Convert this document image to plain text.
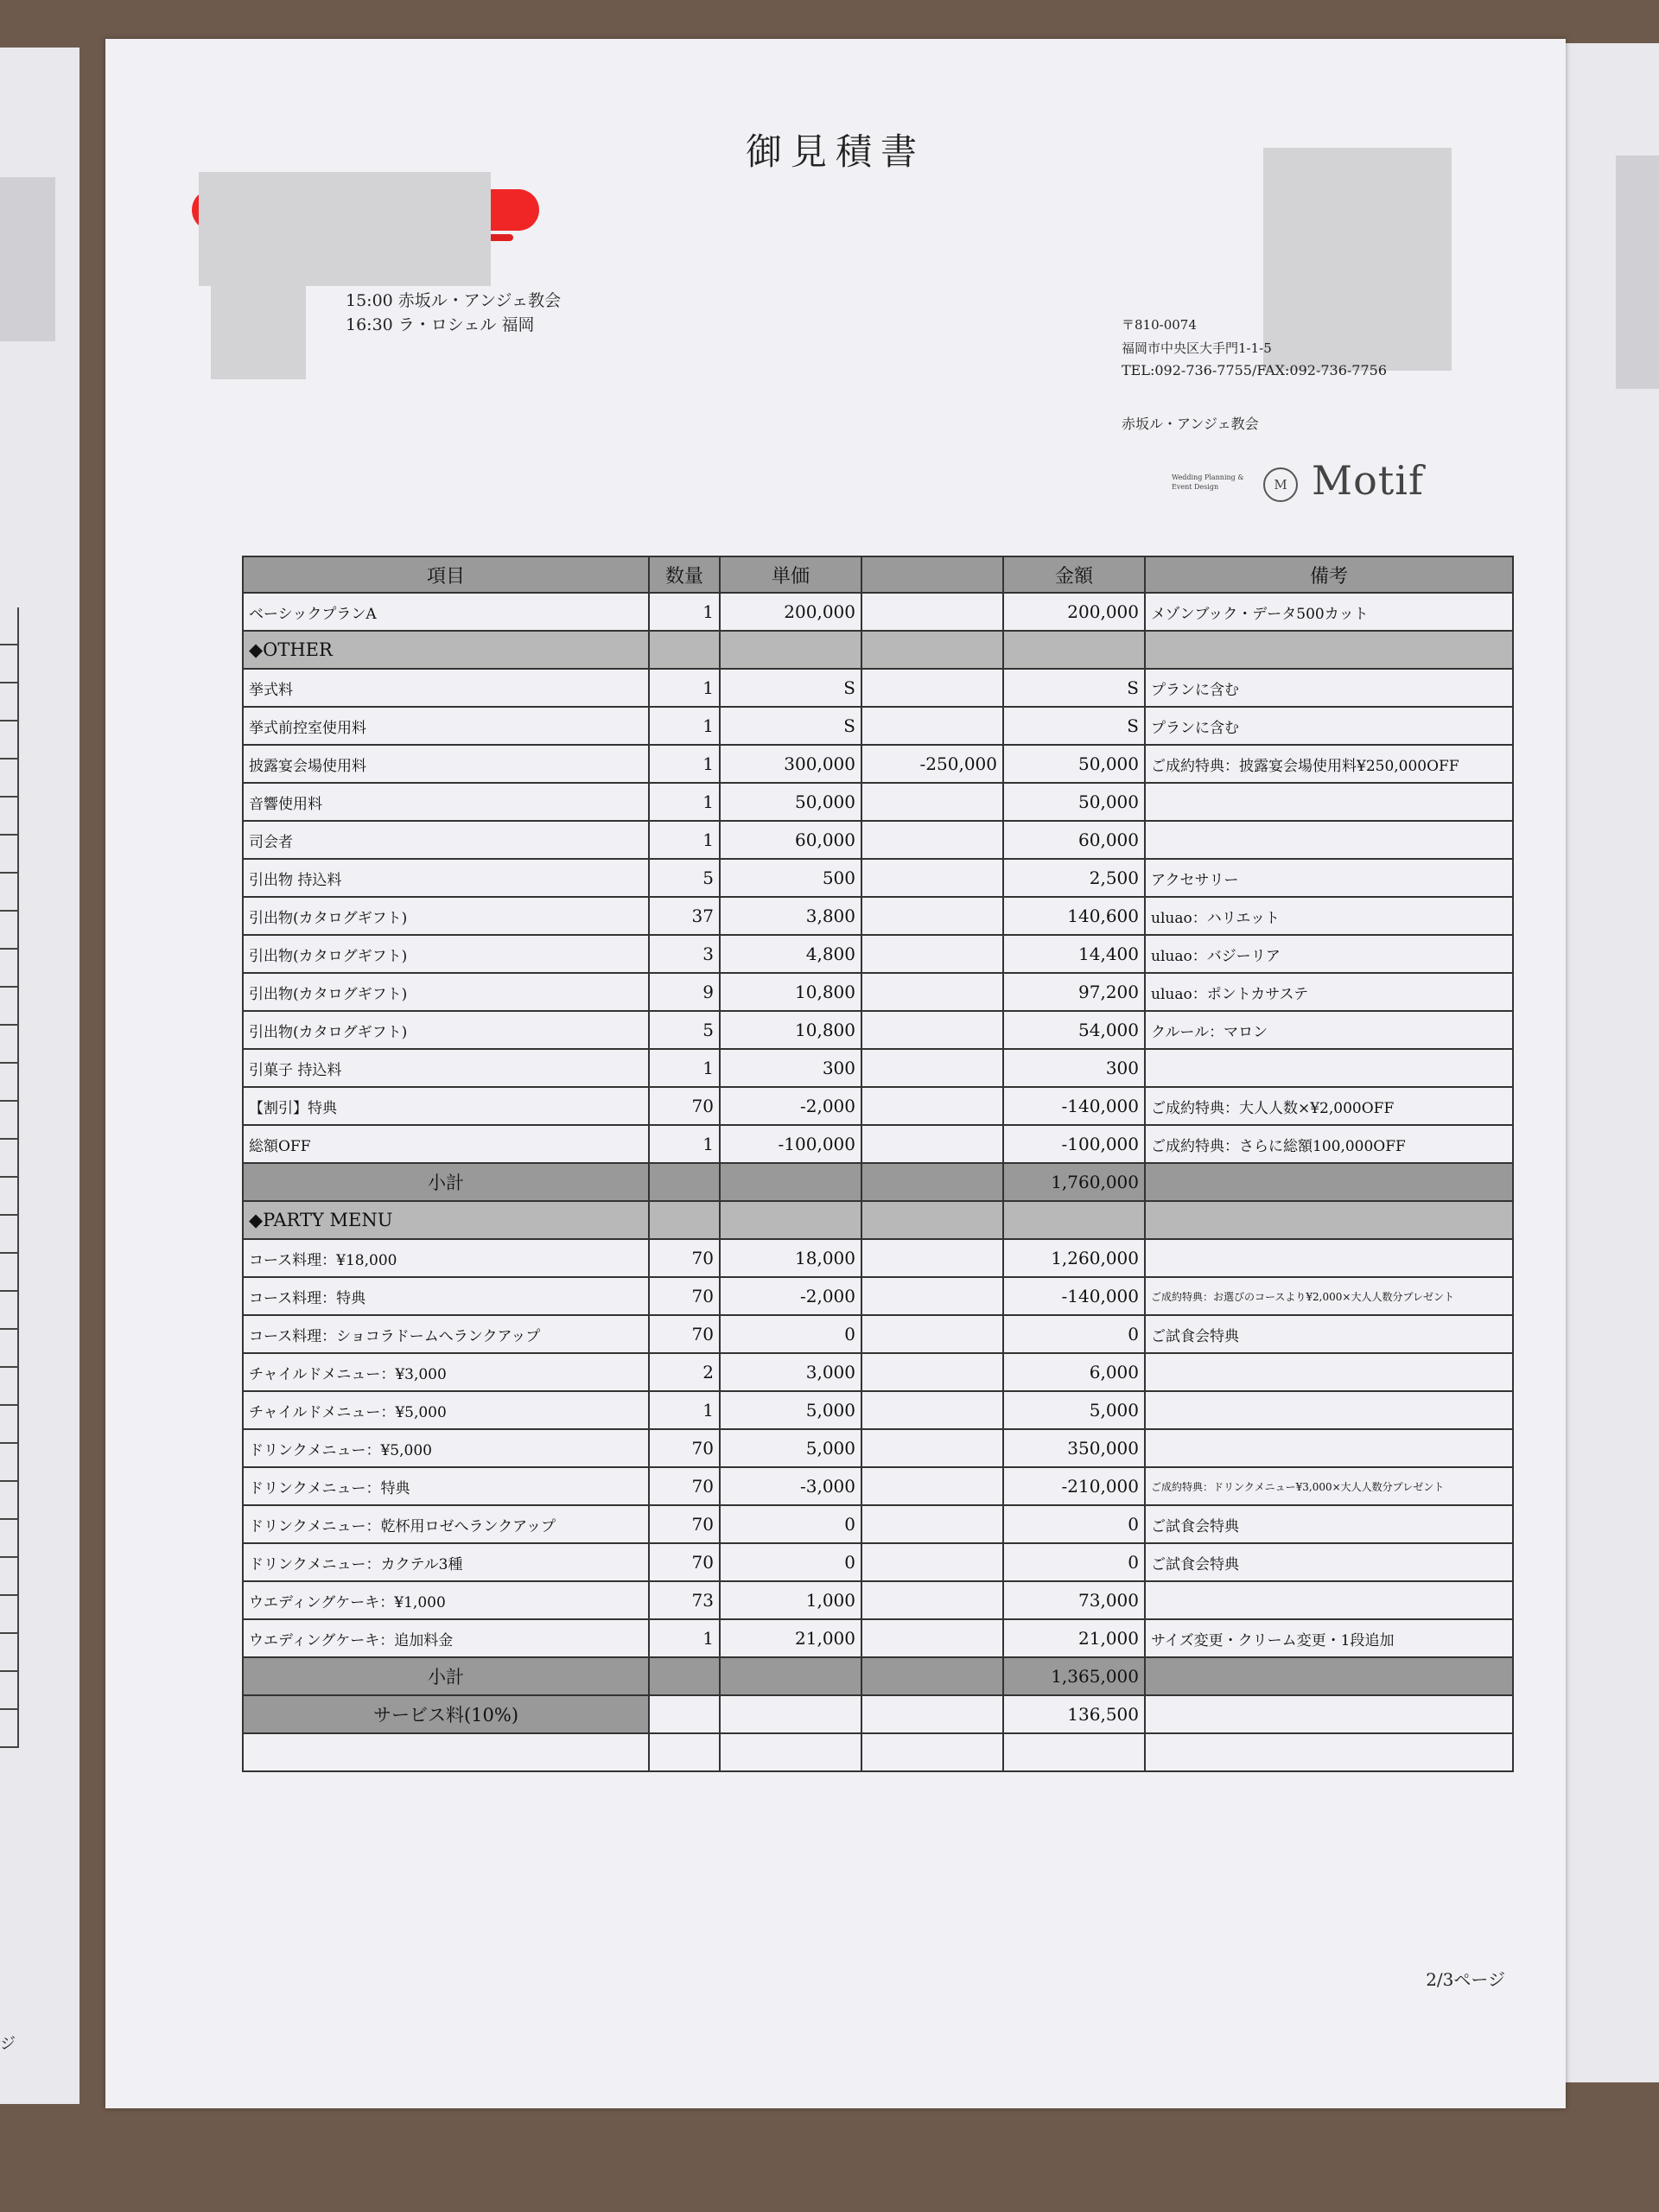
ジ
御見積書
15:00 赤坂ル・アンジェ教会
16:30 ラ・ロシェル 福岡	〒810-0074
福岡市中央区大手門1-1-5
TEL:092-736-7755/FAX:092-736-7756
赤坂ル・アンジェ教会
Wedding Planning & Event Design	M Motif
項目	数量	単価		金額	備考
ベーシックプランA	1	200,000		200,000	メゾンブック・データ500カット
◆OTHER					
挙式料	1	S		S	プランに含む
挙式前控室使用料	1	S		S	プランに含む
披露宴会場使用料	1	300,000	-250,000	50,000	ご成約特典：披露宴会場使用料¥250,000OFF
音響使用料	1	50,000		50,000	
司会者	1	60,000		60,000	
引出物 持込料	5	500		2,500	アクセサリー
引出物(カタログギフト)	37	3,800		140,600	uluao：ハリエット
引出物(カタログギフト)	3	4,800		14,400	uluao：バジーリア
引出物(カタログギフト)	9	10,800		97,200	uluao：ポントカサステ
引出物(カタログギフト)	5	10,800		54,000	クルール：マロン
引菓子 持込料	1	300		300	
【割引】特典	70	-2,000		-140,000	ご成約特典：大人人数×¥2,000OFF
総額OFF	1	-100,000		-100,000	ご成約特典：さらに総額100,000OFF
小計				1,760,000	
◆PARTY MENU					
コース料理：¥18,000	70	18,000		1,260,000	
コース料理：特典	70	-2,000		-140,000	ご成約特典：お選びのコースより¥2,000×大人人数分プレゼント
コース料理：ショコラドームへランクアップ	70	0		0	ご試食会特典
チャイルドメニュー：¥3,000	2	3,000		6,000	
チャイルドメニュー：¥5,000	1	5,000		5,000	
ドリンクメニュー：¥5,000	70	5,000		350,000	
ドリンクメニュー：特典	70	-3,000		-210,000	ご成約特典：ドリンクメニュー¥3,000×大人人数分プレゼント
ドリンクメニュー：乾杯用ロゼへランクアップ	70	0		0	ご試食会特典
ドリンクメニュー：カクテル3種	70	0		0	ご試食会特典
ウエディングケーキ：¥1,000	73	1,000		73,000	
ウエディングケーキ：追加料金	1	21,000		21,000	サイズ変更・クリーム変更・1段追加
小計				1,365,000	
サービス料(10%)				136,500	

2/3ページ
